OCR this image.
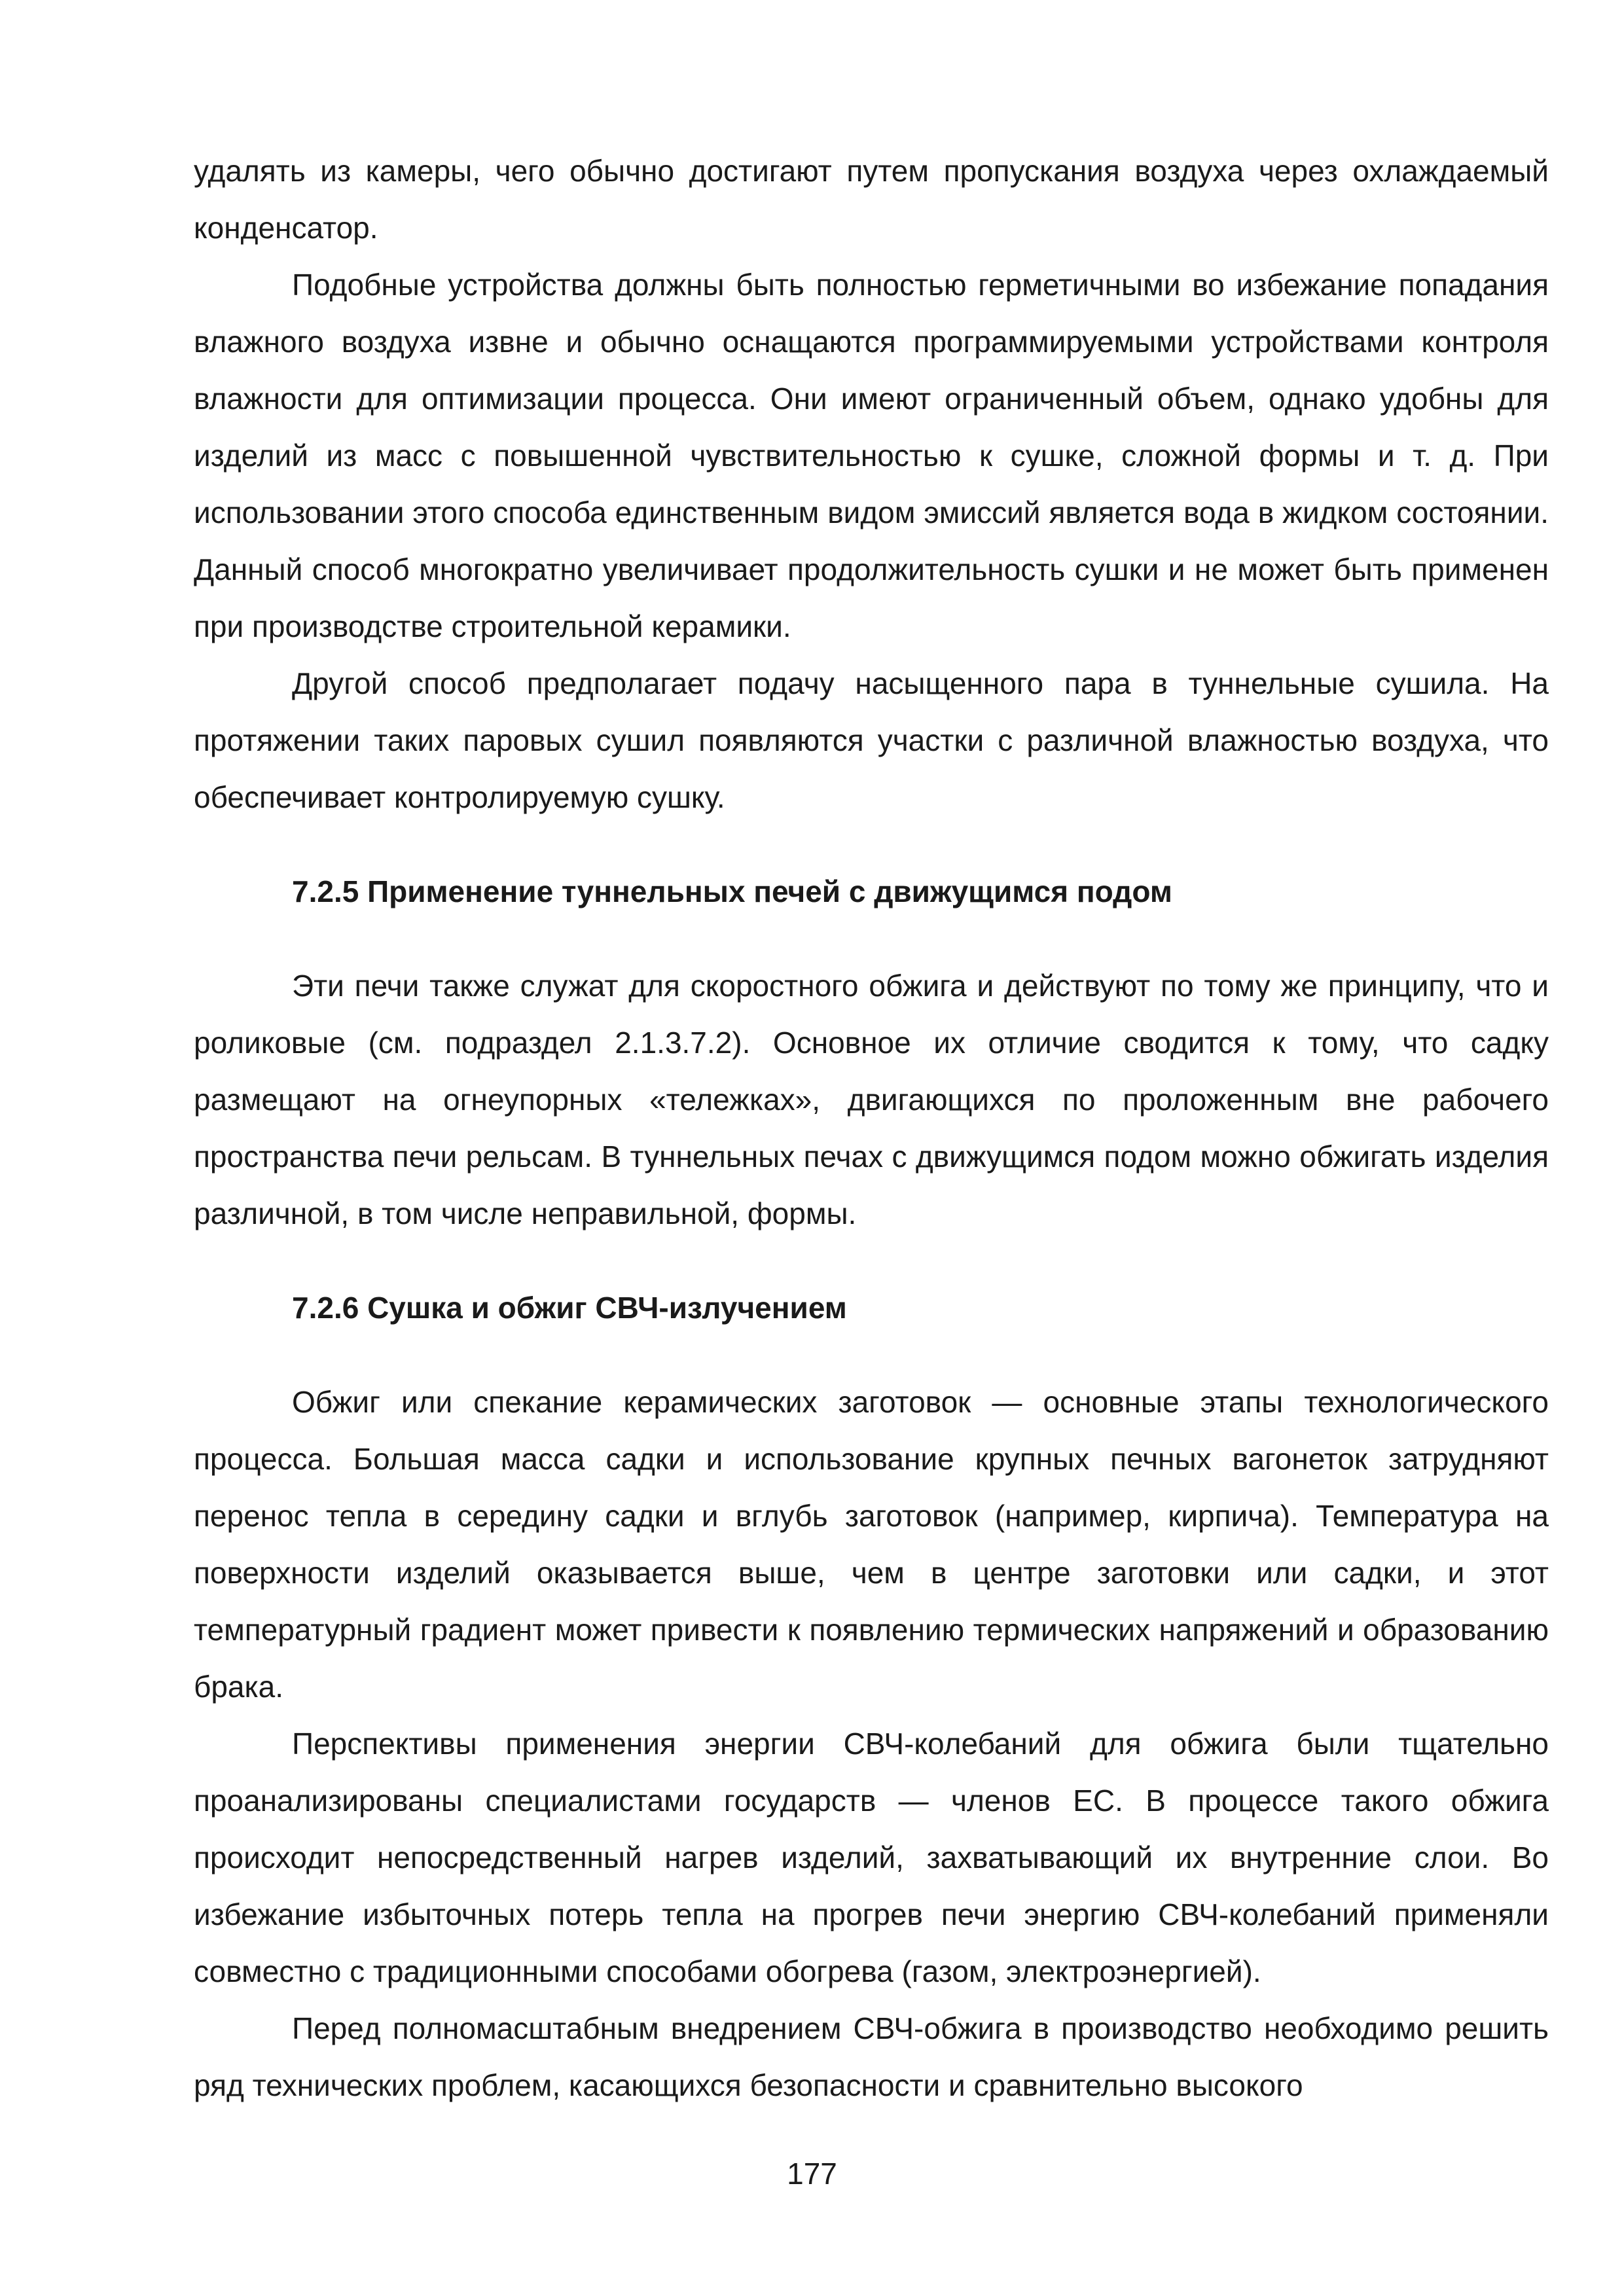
удалять из камеры, чего обычно достигают путем пропускания воздуха через охлаждаемый конденсатор.

Подобные устройства должны быть полностью герметичными во избежание попадания влажного воздуха извне и обычно оснащаются программируемыми устройствами контроля влажности для оптимизации процесса. Они имеют ограниченный объем, однако удобны для изделий из масс с повышенной чувствительностью к сушке, сложной формы и т. д. При использовании этого способа единственным видом эмиссий является вода в жидком состоянии. Данный способ многократно увеличивает продолжительность сушки и не может быть применен при производстве строительной керамики.

Другой способ предполагает подачу насыщенного пара в туннельные сушила. На протяжении таких паровых сушил появляются участки с различной влажностью воздуха, что обеспечивает контролируемую сушку.

7.2.5 Применение туннельных печей с движущимся подом

Эти печи также служат для скоростного обжига и действуют по тому же принципу, что и роликовые (см. подраздел 2.1.3.7.2). Основное их отличие сводится к тому, что садку размещают на огнеупорных «тележках», двигающихся по проложенным вне рабочего пространства печи рельсам. В туннельных печах с движущимся подом можно обжигать изделия различной, в том числе неправильной, формы.

7.2.6 Сушка и обжиг СВЧ-излучением

Обжиг или спекание керамических заготовок — основные этапы технологического процесса. Большая масса садки и использование крупных печных вагонеток затрудняют перенос тепла в середину садки и вглубь заготовок (например, кирпича). Температура на поверхности изделий оказывается выше, чем в центре заготовки или садки, и этот температурный градиент может привести к появлению термических напряжений и образованию брака.

Перспективы применения энергии СВЧ-колебаний для обжига были тщательно проанализированы специалистами государств — членов ЕС. В процессе такого обжига происходит непосредственный нагрев изделий, захватывающий их внутренние слои. Во избежание избыточных потерь тепла на прогрев печи энергию СВЧ-колебаний применяли совместно с традиционными способами обогрева (газом, электроэнергией).

Перед полномасштабным внедрением СВЧ-обжига в производство необходимо решить ряд технических проблем, касающихся безопасности и сравнительно высокого

177
